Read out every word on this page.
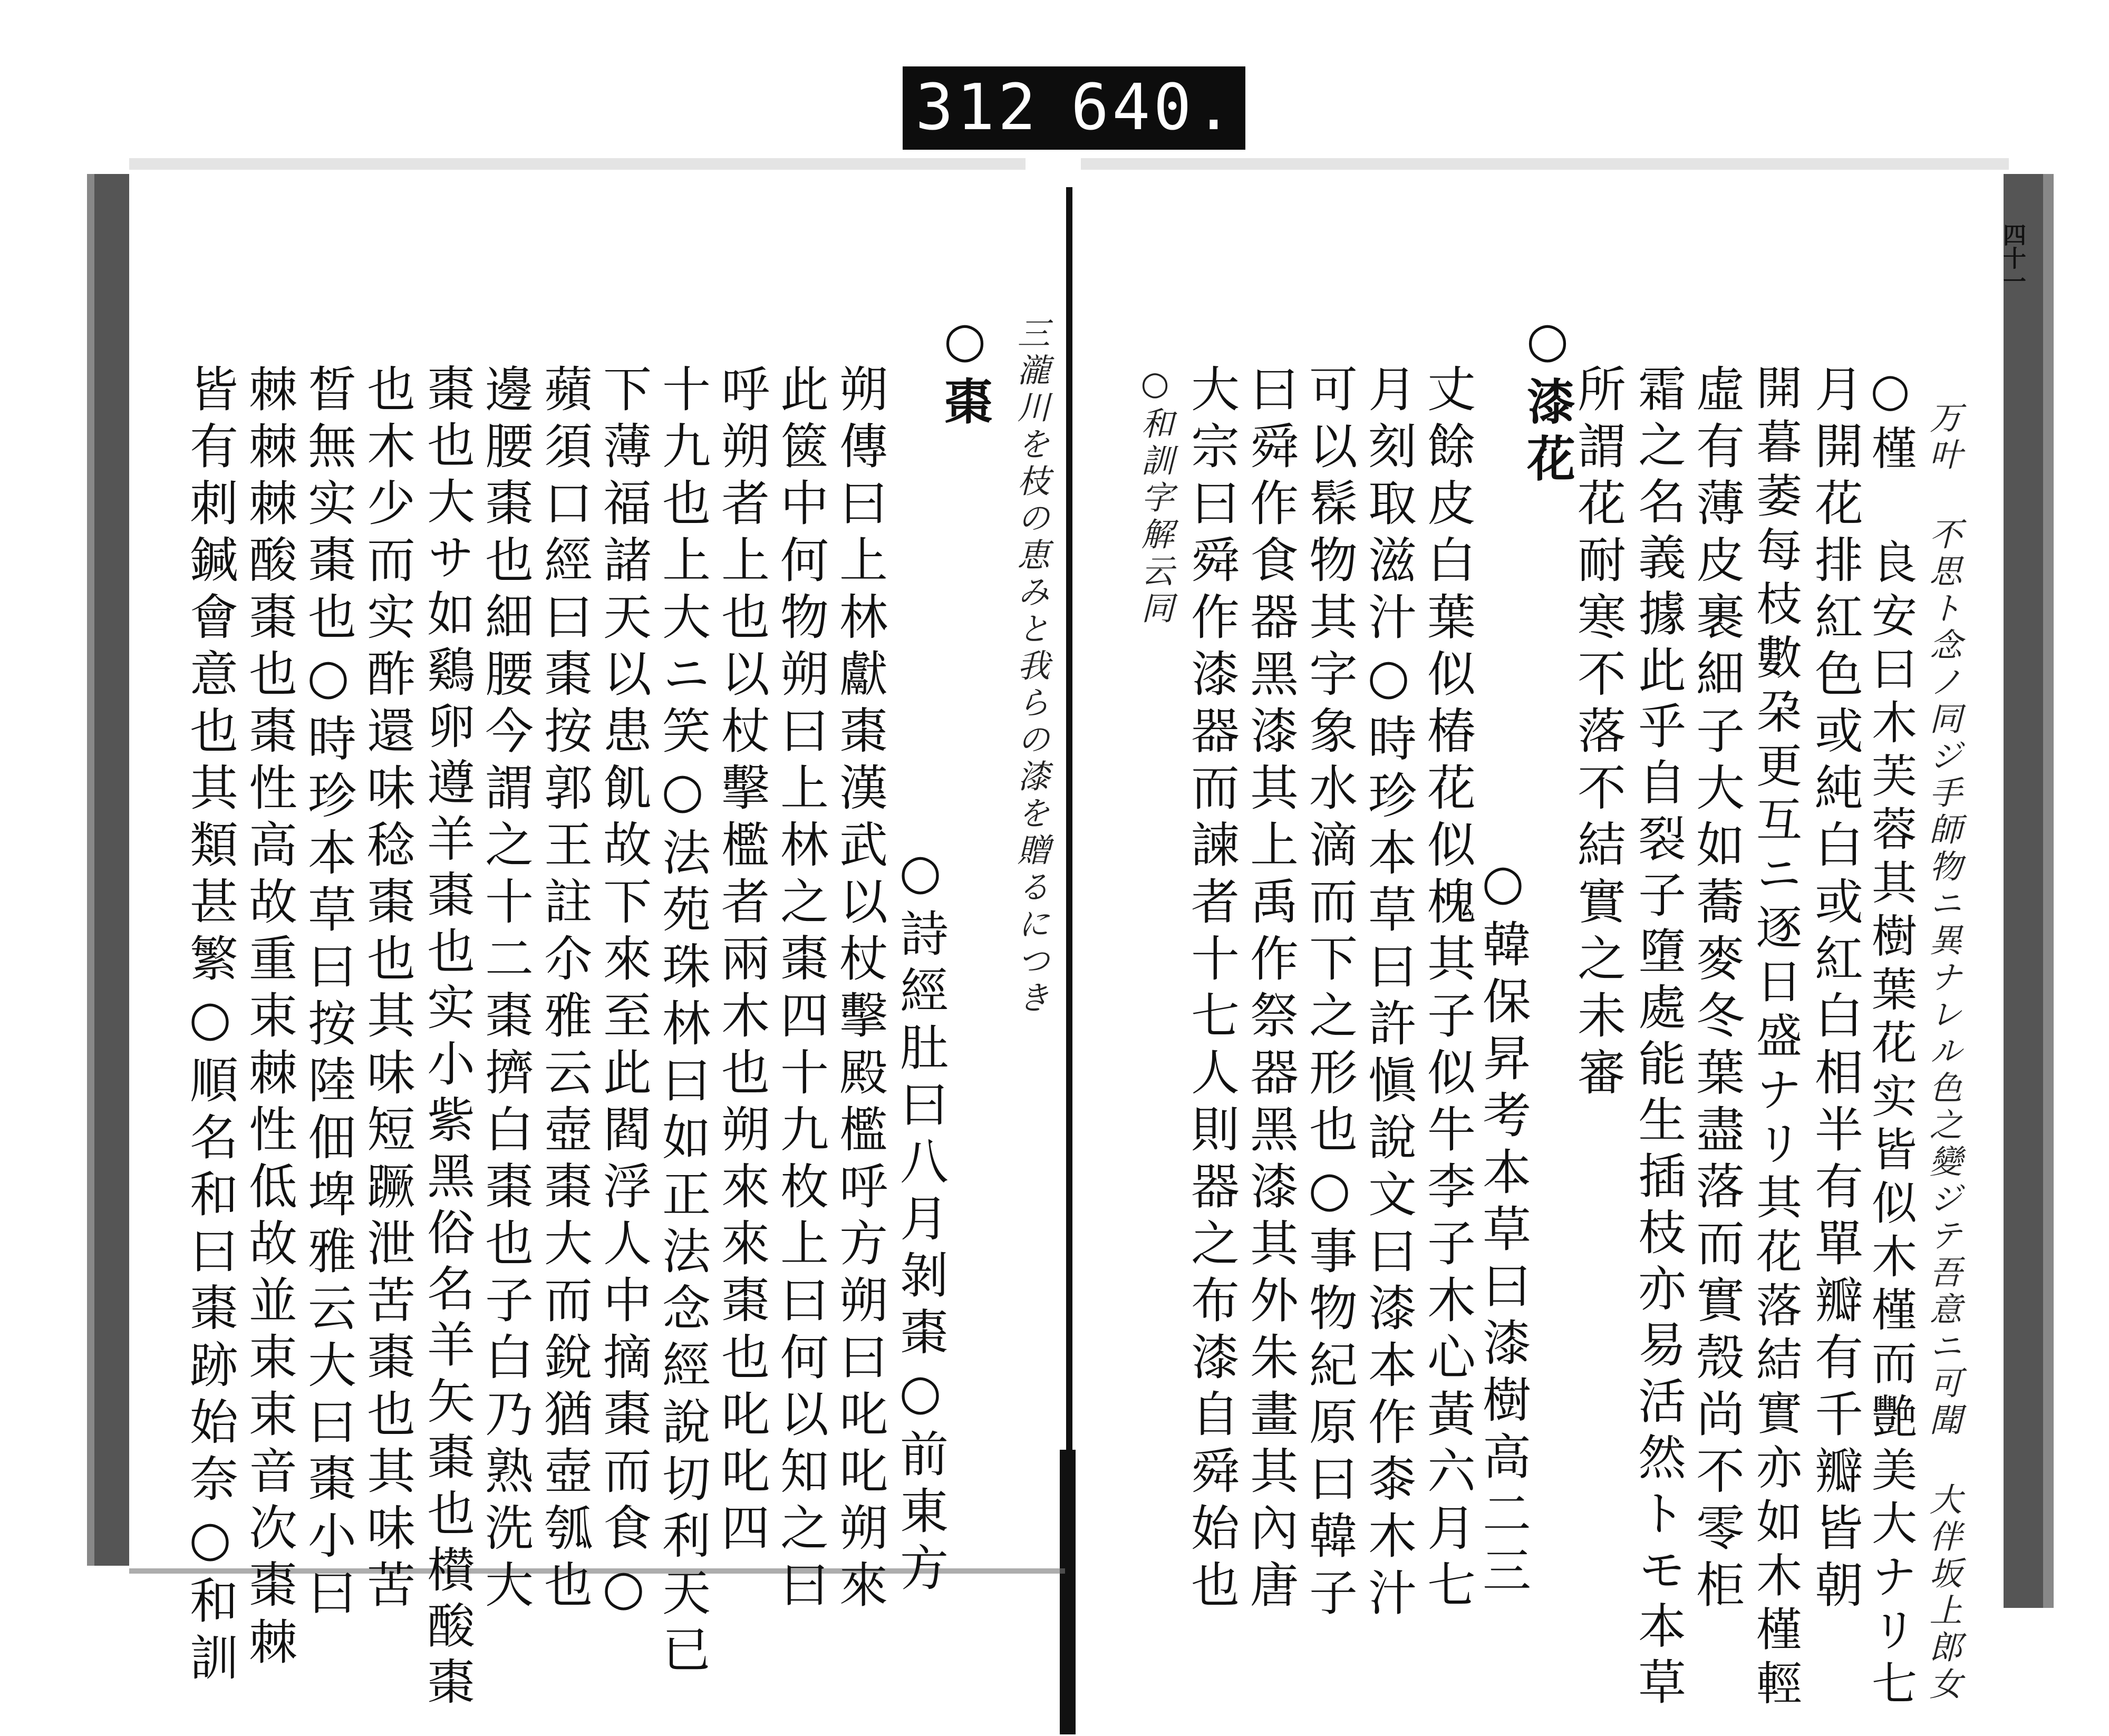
312 640.
四十一
万叶 不思ト念ノ同ジ手師物ニ異ナレル色之變ジテ吾意ニ可聞 大伴坂上郎女
○槿 良安曰木芙蓉其樹葉花实皆似木槿而艷美大ナリ七
月開花排紅色或純白或紅白相半有單瓣有千瓣皆朝
開暮萎每枝數朶更互ニ逐日盛ナリ其花落結實亦如木槿輕
虛有薄皮裹細子大如蕎麥冬葉盡落而實殼尚不零柜
霜之名義據此乎自裂子墮處能生插枝亦易活然トモ本草
所謂花耐寒不落不結實之未審
○漆花
○韓保昇考本草曰漆樹高二三
丈餘皮白葉似椿花似槐其子似牛李子木心黃六月七
月刻取滋汁○時珍本草曰許愼說文曰漆本作桼木汁
可以髹物其字象水滴而下之形也○事物紀原曰韓子
曰舜作食器黑漆其上禹作祭器黑漆其外朱畫其內唐
大宗曰舜作漆器而諫者十七人則器之布漆自舜始也
○和訓字解云同
三瀧川を枝の恵みと我らの漆を贈るにつき
○棗
○詩經肚曰八月剝棗○前東方
朔傳曰上林獻棗漢武以杖擊殿檻呼方朔曰叱叱朔來
此篋中何物朔曰上林之棗四十九枚上曰何以知之曰
呼朔者上也以杖擊檻者兩木也朔來來棗也叱叱四
十九也上大ニ笑○法苑珠林曰如正法念經說切利天已
下薄福諸天以患飢故下來至此閻浮人中摘棗而食○
蘋須口經曰棗按郭王註尒雅云壺棗大而銳猶壺瓠也
邊腰棗也細腰今謂之十二棗擠白棗也子白乃熟洗大
棗也大サ如鷄卵遵羊棗也实小紫黑俗名羊矢棗也櫕酸棗
也木少而实酢還味稔棗也其味短蹶泄苦棗也其味苦
晳無实棗也○時珍本草曰按陸佃埤雅云大曰棗小曰
棘棘棘酸棗也棗性高故重束棘性低故並束束音次棗棘
皆有刺鍼會意也其類甚繁○順名和曰棗跡始奈○和訓
